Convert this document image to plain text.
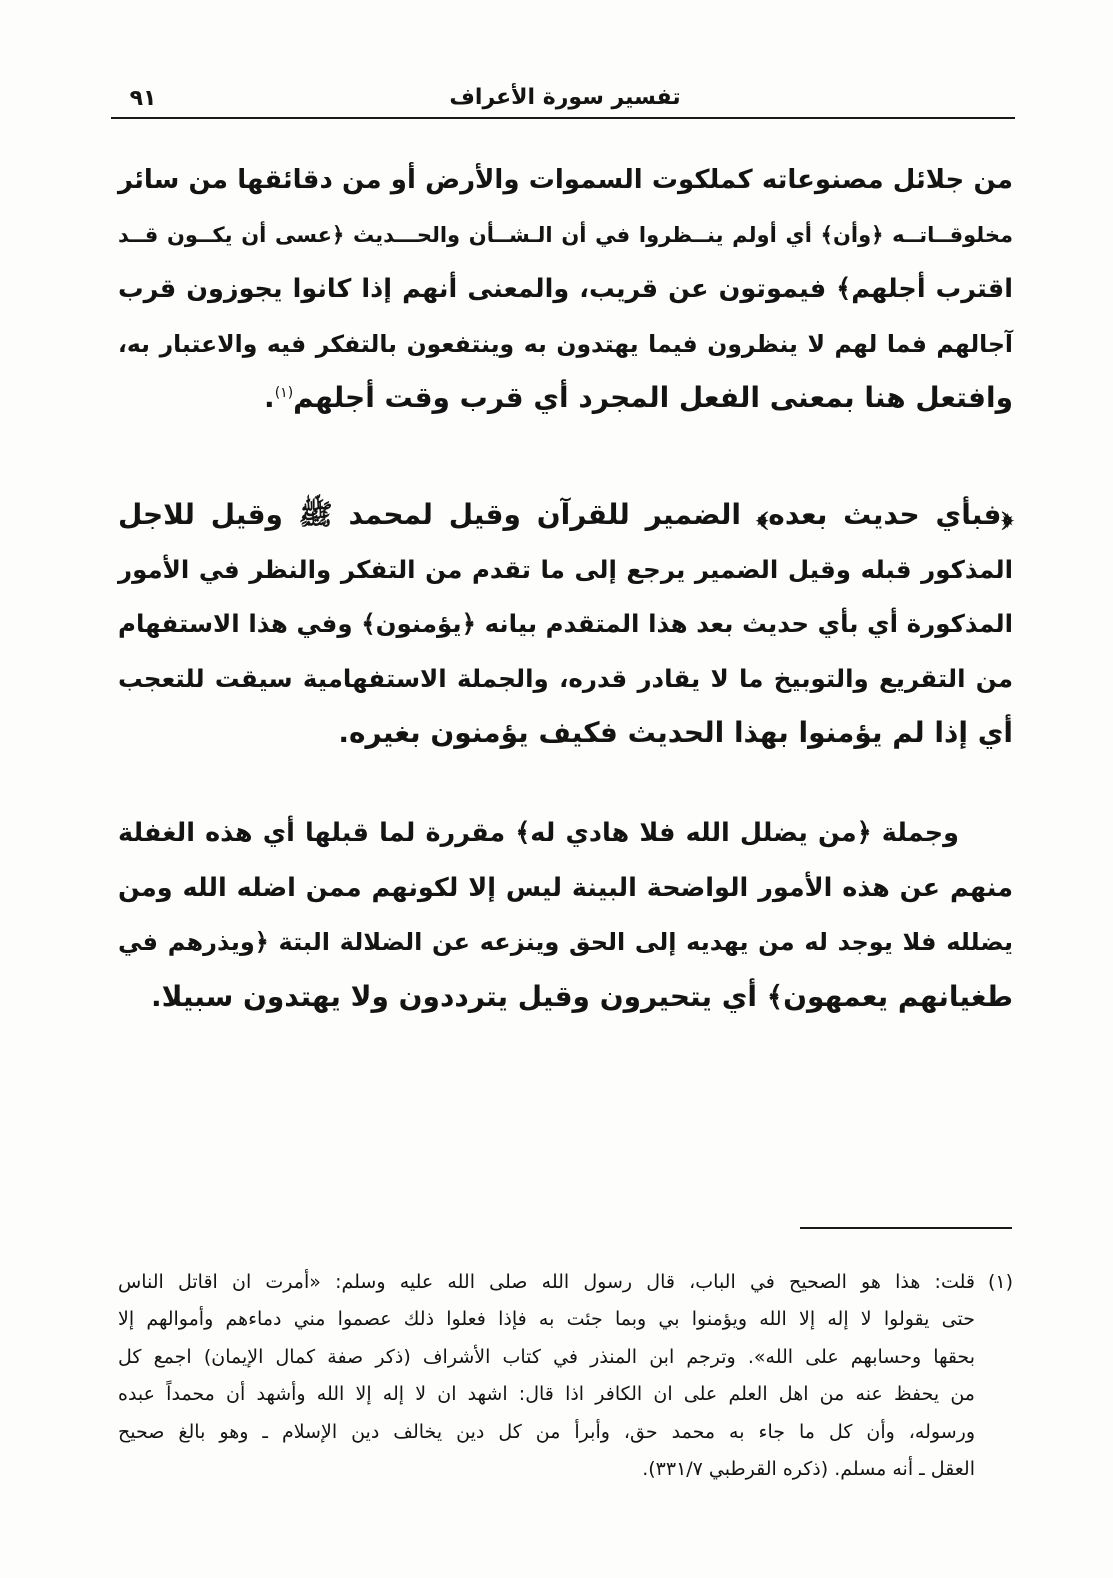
تفسير سورة الأعراف
٩١
من جلائل مصنوعاته كملكوت السموات والأرض أو من دقائقها من سائر
مخلوقــاتــه ﴿وأن﴾ أي أولم ينــظروا في أن الـشــأن والحـــديث ﴿عسى أن يكــون قــد
اقترب أجلهم﴾ فيموتون عن قريب، والمعنى أنهم إذا كانوا يجوزون قرب
آجالهم فما لهم لا ينظرون فيما يهتدون به وينتفعون بالتفكر فيه والاعتبار به،
وافتعل هنا بمعنى الفعل المجرد أي قرب وقت أجلهم$^{(١)}$.
﴿فبأي حديث بعده﴾ الضمير للقرآن وقيل لمحمد ﷺ وقيل للاجل
المذكور قبله وقيل الضمير يرجع إلى ما تقدم من التفكر والنظر في الأمور
المذكورة أي بأي حديث بعد هذا المتقدم بيانه ﴿يؤمنون﴾ وفي هذا الاستفهام
من التقريع والتوبيخ ما لا يقادر قدره، والجملة الاستفهامية سيقت للتعجب
أي إذا لم يؤمنوا بهذا الحديث فكيف يؤمنون بغيره.
وجملة ﴿من يضلل الله فلا هادي له﴾ مقررة لما قبلها أي هذه الغفلة
منهم عن هذه الأمور الواضحة البينة ليس إلا لكونهم ممن اضله الله ومن
يضلله فلا يوجد له من يهديه إلى الحق وينزعه عن الضلالة البتة ﴿ويذرهم في
طغيانهم يعمهون﴾ أي يتحيرون وقيل يترددون ولا يهتدون سبيلا.
(١)
قلت: هذا هو الصحيح في الباب، قال رسول الله صلى الله عليه وسلم: «أمرت ان اقاتل الناس
حتى يقولوا لا إله إلا الله ويؤمنوا بي وبما جئت به فإذا فعلوا ذلك عصموا مني دماءهم وأموالهم إلا
بحقها وحسابهم على الله». وترجم ابن المنذر في كتاب الأشراف (ذكر صفة كمال الإيمان) اجمع كل
من يحفظ عنه من اهل العلم على ان الكافر اذا قال: اشهد ان لا إله إلا الله وأشهد أن محمداً عبده
ورسوله، وأن كل ما جاء به محمد حق، وأبرأ من كل دين يخالف دين الإسلام ـ وهو بالغ صحيح
العقل ـ أنه مسلم. (ذكره القرطبي ٣٣١/٧).
